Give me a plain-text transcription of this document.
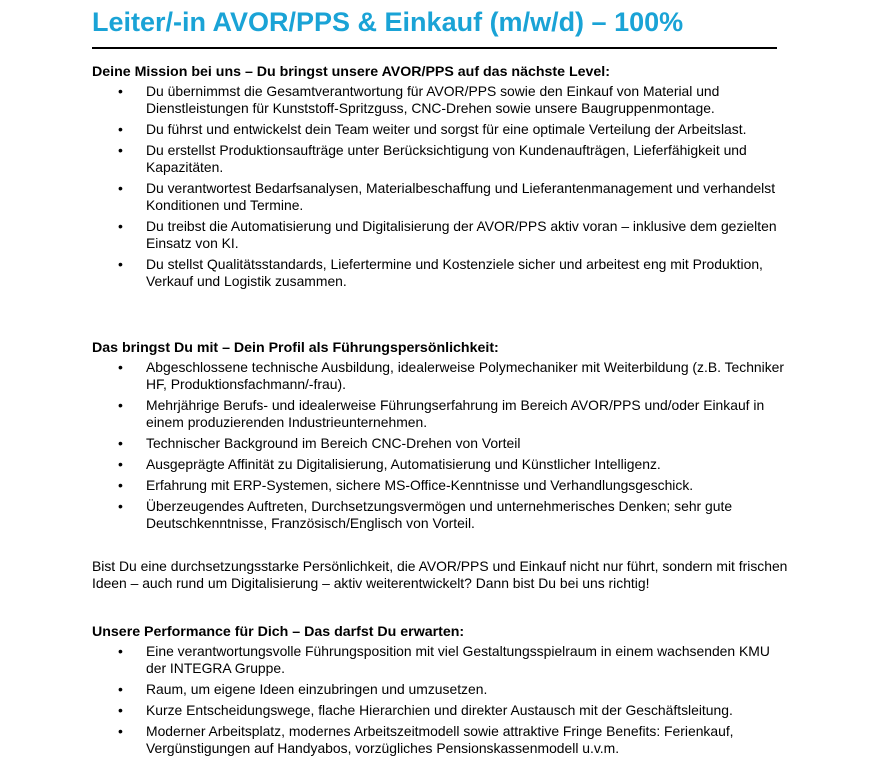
Leiter/-in AVOR/PPS & Einkauf (m/w/d) – 100%

Deine Mission bei uns – Du bringst unsere AVOR/PPS auf das nächste Level:

• Du übernimmst die Gesamtverantwortung für AVOR/PPS sowie den Einkauf von Material und Dienstleistungen für Kunststoff-Spritzguss, CNC-Drehen sowie unsere Baugruppenmontage.
• Du führst und entwickelst dein Team weiter und sorgst für eine optimale Verteilung der Arbeitslast.
• Du erstellst Produktionsaufträge unter Berücksichtigung von Kundenaufträgen, Lieferfähigkeit und Kapazitäten.
• Du verantwortest Bedarfsanalysen, Materialbeschaffung und Lieferantenmanagement und verhandelst Konditionen und Termine.
• Du treibst die Automatisierung und Digitalisierung der AVOR/PPS aktiv voran – inklusive dem gezielten Einsatz von KI.
• Du stellst Qualitätsstandards, Liefertermine und Kostenziele sicher und arbeitest eng mit Produktion, Verkauf und Logistik zusammen.

Das bringst Du mit – Dein Profil als Führungspersönlichkeit:

• Abgeschlossene technische Ausbildung, idealerweise Polymechaniker mit Weiterbildung (z.B. Techniker HF, Produktionsfachmann/-frau).
• Mehrjährige Berufs- und idealerweise Führungserfahrung im Bereich AVOR/PPS und/oder Einkauf in einem produzierenden Industrieunternehmen.
• Technischer Background im Bereich CNC-Drehen von Vorteil
• Ausgeprägte Affinität zu Digitalisierung, Automatisierung und Künstlicher Intelligenz.
• Erfahrung mit ERP-Systemen, sichere MS-Office-Kenntnisse und Verhandlungsgeschick.
• Überzeugendes Auftreten, Durchsetzungsvermögen und unternehmerisches Denken; sehr gute Deutschkenntnisse, Französisch/Englisch von Vorteil.

Bist Du eine durchsetzungsstarke Persönlichkeit, die AVOR/PPS und Einkauf nicht nur führt, sondern mit frischen Ideen – auch rund um Digitalisierung – aktiv weiterentwickelt? Dann bist Du bei uns richtig!

Unsere Performance für Dich – Das darfst Du erwarten:

• Eine verantwortungsvolle Führungsposition mit viel Gestaltungsspielraum in einem wachsenden KMU der INTEGRA Gruppe.
• Raum, um eigene Ideen einzubringen und umzusetzen.
• Kurze Entscheidungswege, flache Hierarchien und direkter Austausch mit der Geschäftsleitung.
• Moderner Arbeitsplatz, modernes Arbeitszeitmodell sowie attraktive Fringe Benefits: Ferienkauf, Vergünstigungen auf Handyabos, vorzügliches Pensionskassenmodell u.v.m.
